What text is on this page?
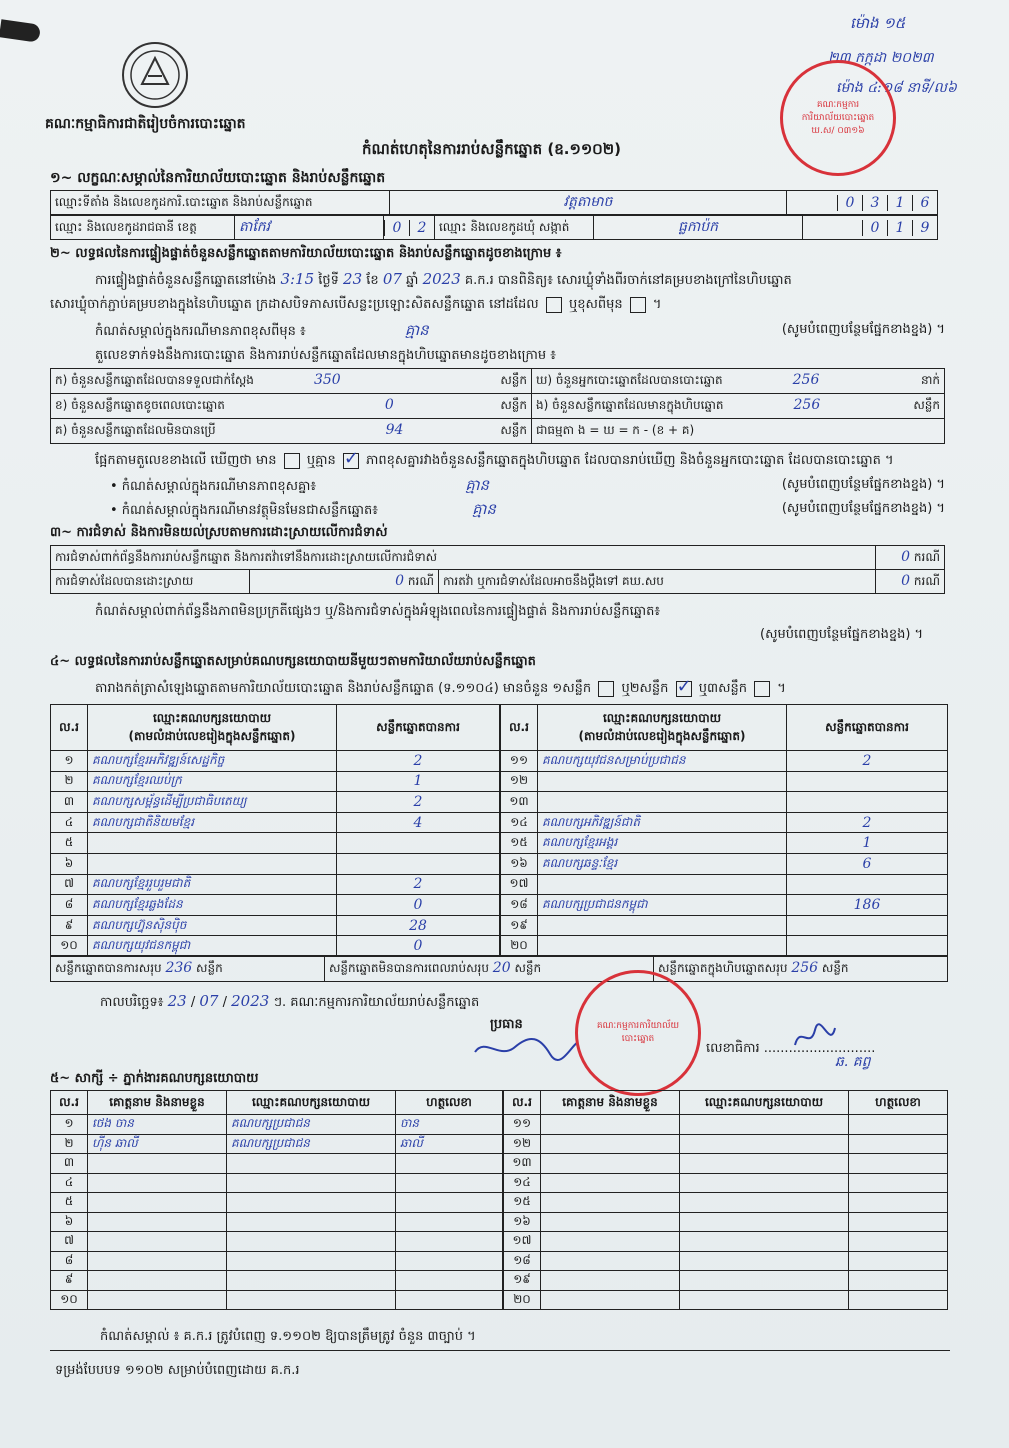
គណៈកម្មាធិការជាតិរៀបចំការបោះឆ្នោត
កំណត់ហេតុនៃការរាប់សន្លឹកឆ្នោត (ឧ.១១០២)
ម៉ោង ១៥
២៣ កក្កដា ២០២៣
ម៉ោង ៤:១៨ នាទី/ល៦
គណៈកម្មការការិយាល័យបោះឆ្នោត ឃ.ស/ ០៣១៦
១~ លក្ខណៈសម្គាល់នៃការិយាល័យបោះឆ្នោត និងរាប់សន្លឹកឆ្នោត
ឈ្មោះទីតាំង និងលេខកូដការិ.បោះឆ្នោត និងរាប់សន្លឹកឆ្នោត	វត្តតាមាច	0 3 1 6
ឈ្មោះ និងលេខកូដរាជធានី ខេត្ត	តាកែវ	0 2	ឈ្មោះ និងលេខកូដឃុំ សង្កាត់	ធ្លកាប៉ក	0 1 9
២~ លទ្ធផលនៃការផ្ទៀងផ្ទាត់ចំនួនសន្លឹកឆ្នោតតាមការិយាល័យបោះឆ្នោត និងរាប់សន្លឹកឆ្នោតដូចខាងក្រោម ៖
ការផ្ទៀងផ្ទាត់ចំនួនសន្លឹកឆ្នោតនៅម៉ោង 3:15 ថ្ងៃទី 23 ខែ 07 ឆ្នាំ 2023 គ.ក.រ បានពិនិត្យ៖ សោរឃ្លុំទាំងពីរចាក់នៅគម្របខាងក្រៅនៃហិបឆ្នោត
សោរឃ្លុំចាក់ភ្ជាប់គម្របខាងក្នុងនៃហិបឆ្នោត ក្រដាសបិទភាសបើសន្លះប្រឡោះសិតសន្លឹកឆ្នោត នៅដដែល ឬខុសពីមុន  ។
កំណត់សម្គាល់ក្នុងករណីមានភាពខុសពីមុន ៖	គ្មាន	(សូមបំពេញបន្ថែមផ្នែកខាងខ្នង) ។
តួលេខទាក់ទងនឹងការបោះឆ្នោត និងការរាប់សន្លឹកឆ្នោតដែលមានក្នុងហិបឆ្នោតមានដូចខាងក្រោម ៖
ក) ចំនួនសន្លឹកឆ្នោតដែលបានទទួលជាក់ស្តែង 350 សន្លឹក	ឃ) ចំនួនអ្នកបោះឆ្នោតដែលបានបោះឆ្នោត 256 នាក់

ខ) ចំនួនសន្លឹកឆ្នោតខូចពេលបោះឆ្នោត 0 សន្លឹក	ង) ចំនួនសន្លឹកឆ្នោតដែលមានក្នុងហិបឆ្នោត 256 សន្លឹក

គ) ចំនួនសន្លឹកឆ្នោតដែលមិនបានប្រើ 94 សន្លឹក	ជាធម្មតា ង = ឃ = ក - (ខ + គ)
ផ្អែកតាមតួលេខខាងលើ ឃើញថា មាន ឬគ្មាន ✓ ភាពខុសគ្នារវាងចំនួនសន្លឹកឆ្នោតក្នុងហិបឆ្នោត ដែលបានរាប់ឃើញ និងចំនួនអ្នកបោះឆ្នោត ដែលបានបោះឆ្នោត ។
• កំណត់សម្គាល់ក្នុងករណីមានភាពខុសគ្នា៖	គ្មាន	(សូមបំពេញបន្ថែមផ្នែកខាងខ្នង) ។
• កំណត់សម្គាល់ក្នុងករណីមានវត្ថុមិនមែនជាសន្លឹកឆ្នោត៖	គ្មាន	(សូមបំពេញបន្ថែមផ្នែកខាងខ្នង) ។
៣~ ការជំទាស់ និងការមិនយល់ស្របតាមការដោះស្រាយលើការជំទាស់
ការជំទាស់ពាក់ព័ន្ធនឹងការរាប់សន្លឹកឆ្នោត និងការតវ៉ាទៅនឹងការដោះស្រាយលើការជំទាស់			0 ករណី
ការជំទាស់ដែលបានដោះស្រាយ	0 ករណី	ការតវ៉ា ឬការជំទាស់ដែលអាចនឹងប្តឹងទៅ គឃ.សប	0 ករណី
កំណត់សម្គាល់ពាក់ព័ន្ធនឹងភាពមិនប្រក្រតីផ្សេងៗ ឬ/និងការជំទាស់ក្នុងអំឡុងពេលនៃការផ្ទៀងផ្ទាត់ និងការរាប់សន្លឹកឆ្នោត៖
(សូមបំពេញបន្ថែមផ្នែកខាងខ្នង) ។
៤~ លទ្ធផលនៃការរាប់សន្លឹកឆ្នោតសម្រាប់គណបក្សនយោបាយនីមួយៗតាមការិយាល័យរាប់សន្លឹកឆ្នោត
តារាងកត់ត្រាសំឡេងឆ្នោតតាមការិយាល័យបោះឆ្នោត និងរាប់សន្លឹកឆ្នោត (ទ.១១០៤) មានចំនួន ១សន្លឹក ឬ២សន្លឹក ✓ ឬ៣សន្លឹក  ។
ល.រ	ឈ្មោះគណបក្សនយោបាយ
(តាមលំដាប់លេខរៀងក្នុងសន្លឹកឆ្នោត)	សន្លឹកឆ្នោតបានការ
១	គណបក្សខ្មែរអភិវឌ្ឍន៍សេដ្ឋកិច្ច	2
២	គណបក្សខ្មែរឈប់ក្រ	1
៣	គណបក្សសម្ព័ន្ធដើម្បីប្រជាធិបតេយ្យ	2
៤	គណបក្សជាតិនិយមខ្មែរ	4
៥		
៦		
៧	គណបក្សខ្មែររួបរួមជាតិ	2
៨	គណបក្សខ្មែរឆ្លងដែន	0
៩	គណបក្សហ្វ៊ុនស៊ិនប៉ិច	28
១០	គណបក្សយុវជនកម្ពុជា	0
ល.រ	ឈ្មោះគណបក្សនយោបាយ
(តាមលំដាប់លេខរៀងក្នុងសន្លឹកឆ្នោត)	សន្លឹកឆ្នោតបានការ
១១	គណបក្សយុវជនសម្រាប់ប្រជាជន	2
១២		
១៣		
១៤	គណបក្សអភិវឌ្ឍន៍ជាតិ	2
១៥	គណបក្សខ្មែរអង្គរ	1
១៦	គណបក្សឆន្ទៈខ្មែរ	6
១៧		
១៨	គណបក្សប្រជាជនកម្ពុជា	186
១៩		
២០		
សន្លឹកឆ្នោតបានការសរុប 236 សន្លឹក	សន្លឹកឆ្នោតមិនបានការពេលរាប់សរុប 20 សន្លឹក	សន្លឹកឆ្នោតក្នុងហិបឆ្នោតសរុប 256 សន្លឹក
កាលបរិច្ឆេទ៖ 23 / 07 / 2023 ៗ. គណៈកម្មការការិយាល័យរាប់សន្លឹកឆ្នោត
ប្រធាន	គណៈកម្មការការិយាល័យបោះឆ្នោត
លេខាធិការ ...........................
ឆ. គព្វ
៥~ សាក្សី ÷ ភ្នាក់ងារគណបក្សនយោបាយ
ល.រ	គោត្តនាម និងនាមខ្លួន	ឈ្មោះគណបក្សនយោបាយ	ហត្ថលេខា
១	ថេង ចាន	គណបក្សប្រជាជន	ចាន
២	ហ៊ីន ឆាលី	គណបក្សប្រជាជន	ឆាលី
៣			
៤			
៥			
៦			
៧			
៨			
៩			
១០			
ល.រ	គោត្តនាម និងនាមខ្លួន	ឈ្មោះគណបក្សនយោបាយ	ហត្ថលេខា
១១			
១២			
១៣			
១៤			
១៥			
១៦			
១៧			
១៨			
១៩			
២០			
កំណត់សម្គាល់ ៖ គ.ក.រ ត្រូវបំពេញ ទ.១១០២ ឱ្យបានត្រឹមត្រូវ ចំនួន ៣ច្បាប់ ។
ទម្រង់បែបបទ ១១០២ សម្រាប់បំពេញដោយ គ.ក.រ
